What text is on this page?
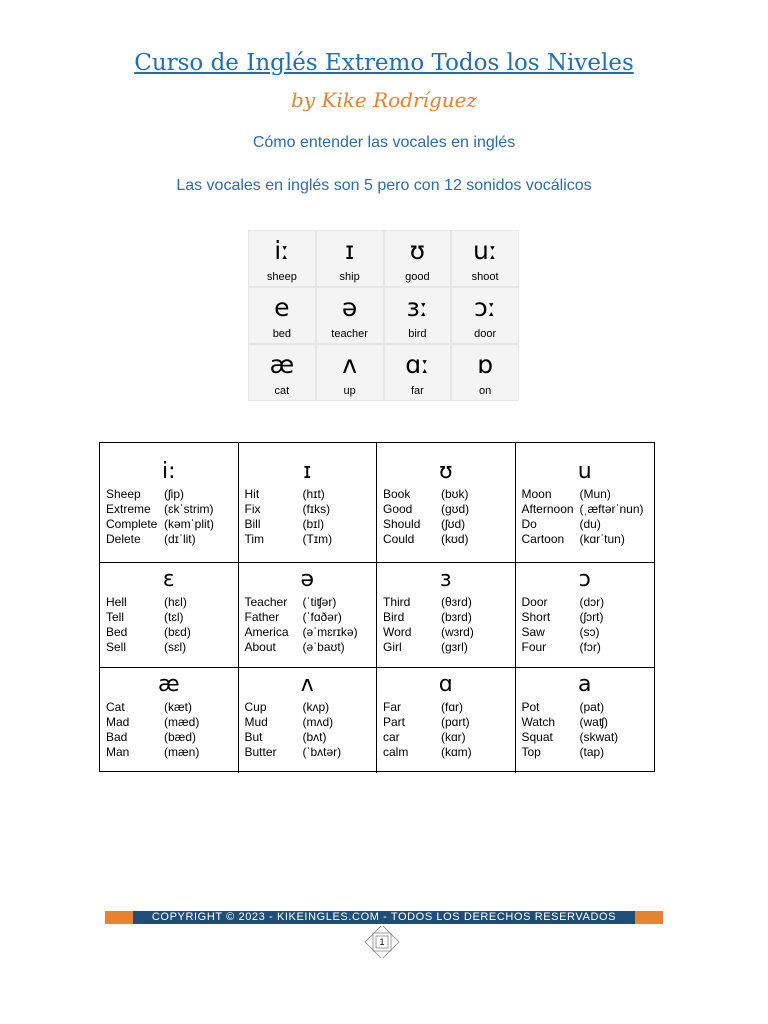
Curso de Inglés Extremo Todos los Niveles
by Kike Rodríguez
Cómo entender las vocales en inglés
Las vocales en inglés son 5 pero con 12 sonidos vocálicos
iː
sheep
ɪ
ship
ʊ
good
uː
shoot
e
bed
ə
teacher
ɜː
bird
ɔː
door
æ
cat
ʌ
up
ɑː
far
ɒ
on
i:
Sheep	(ʃip)
Extreme	(ɛkˈstrim)
Complete (kəmˈplit)
Delete	(dɪˈlit)
ɪ
Hit	(hɪt)
Fix	(fɪks)
Bill	(bɪl)
Tim	(Tɪm)
ʊ
Book	(bʊk)
Good	(gʊd)
Should	(ʃʊd)
Could	(kʊd)
u
Moon	(Mun)
Afternoon (ˌæftərˈnun)
Do	(du)
Cartoon	(kɑrˈtun)
ɛ
Hell	(hɛl)
Tell	(tɛl)
Bed	(bɛd)
Sell	(sɛl)
ə
Teacher	(ˈtiʧər)
Father	(ˈfɑðər)
America	(əˈmɛrɪkə)
About	(əˈbaʊt)
ɜ
Third	(θɜrd)
Bird	(bɜrd)
Word	(wɜrd)
Girl	(gɜrl)
ɔ
Door	(dɔr)
Short	(ʃɔrt)
Saw	(sɔ)
Four	(fɔr)
æ
Cat	(kæt)
Mad	(mæd)
Bad	(bæd)
Man	(mæn)
ʌ
Cup	(kʌp)
Mud	(mʌd)
But	(bʌt)
Butter	(ˈbʌtər)
ɑ
Far	(fɑr)
Part	(pɑrt)
car	(kɑr)
calm	(kɑm)
a
Pot	(pat)
Watch	(waʧ)
Squat	(skwat)
Top	(tap)
COPYRIGHT © 2023 - KIKEINGLES.COM - TODOS LOS DERECHOS RESERVADOS
1
